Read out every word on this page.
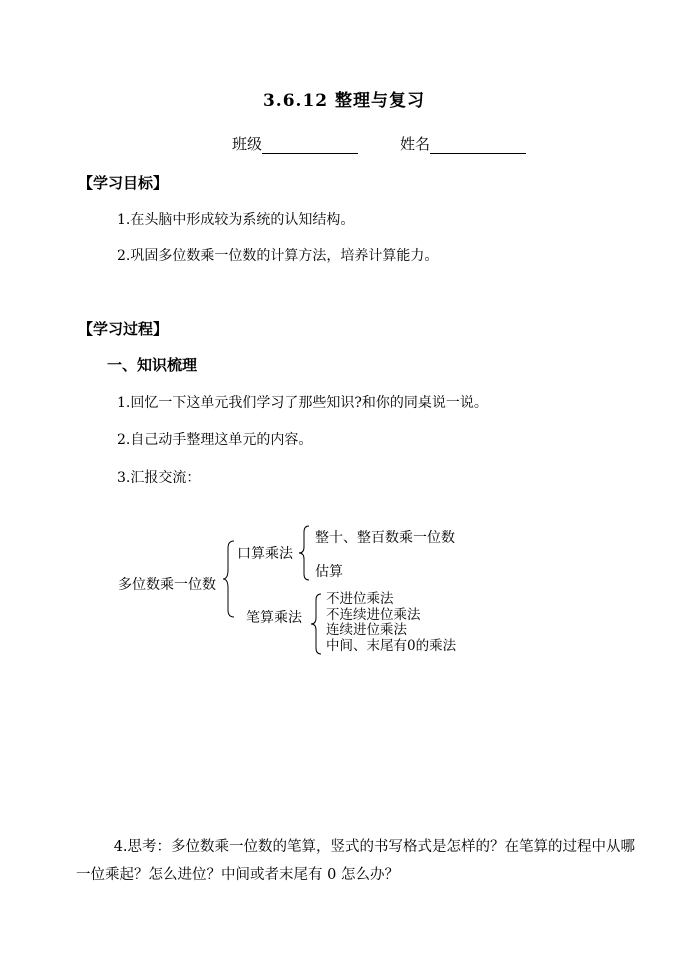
3.6.12 整理与复习
班级	姓名
【学习目标】
1.在头脑中形成较为系统的认知结构。
2.巩固多位数乘一位数的计算方法，培养计算能力。
【学习过程】
一、知识梳理
1.回忆一下这单元我们学习了那些知识?和你的同桌说一说。
2.自己动手整理这单元的内容。
3.汇报交流：
多位数乘一位数
口算乘法
整十、整百数乘一位数
估算
笔算乘法
不进位乘法
不连续进位乘法
连续进位乘法
中间、末尾有0的乘法
4.思考：多位数乘一位数的笔算，竖式的书写格式是怎样的？在笔算的过程中从哪一位乘起？怎么进位？中间或者末尾有 0 怎么办？
